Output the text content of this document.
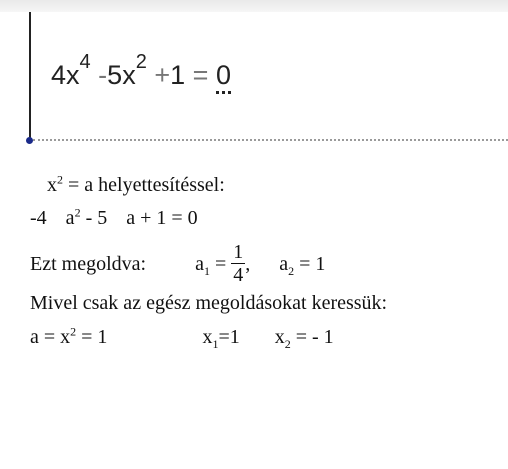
$4x^4$ $-5x^2 +1 = 0$
$x^2 = a$ helyettesítéssel:
-4 $a^2 - 5$ a + 1 = 0
Ezt megoldva: $a_1 = \frac{1}{4}$ , $a_2 = 1$
Mivel csak az egész megoldásokat keressük:
$a = x^2 = 1$	$x_1=1$ $x_2$ = - 1
